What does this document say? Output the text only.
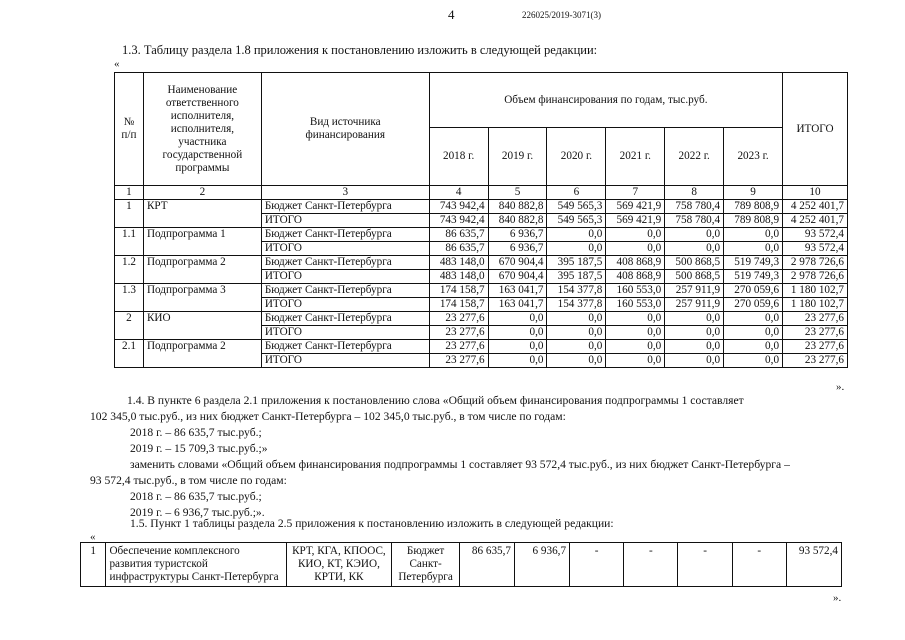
4	226025/2019-3071(3)
1.3. Таблицу раздела 1.8 приложения к постановлению изложить в следующей редакции:
«
№ п/п	Наименование ответственного исполнителя, исполнителя, участника государственной программы	Вид источника финансирования	Объем финансирования по годам, тыс.руб.						ИТОГО
			2018 г.	2019 г.	2020 г.	2021 г.	2022 г.	2023 г.	
1	2	3	4	5	6	7	8	9	10
1	КРТ	Бюджет Санкт-Петербурга	743 942,4	840 882,8	549 565,3	569 421,9	758 780,4	789 808,9	4 252 401,7
		ИТОГО	743 942,4	840 882,8	549 565,3	569 421,9	758 780,4	789 808,9	4 252 401,7
1.1	Подпрограмма 1	Бюджет Санкт-Петербурга	86 635,7	6 936,7	0,0	0,0	0,0	0,0	93 572,4
		ИТОГО	86 635,7	6 936,7	0,0	0,0	0,0	0,0	93 572,4
1.2	Подпрограмма 2	Бюджет Санкт-Петербурга	483 148,0	670 904,4	395 187,5	408 868,9	500 868,5	519 749,3	2 978 726,6
		ИТОГО	483 148,0	670 904,4	395 187,5	408 868,9	500 868,5	519 749,3	2 978 726,6
1.3	Подпрограмма 3	Бюджет Санкт-Петербурга	174 158,7	163 041,7	154 377,8	160 553,0	257 911,9	270 059,6	1 180 102,7
		ИТОГО	174 158,7	163 041,7	154 377,8	160 553,0	257 911,9	270 059,6	1 180 102,7
2	КИО	Бюджет Санкт-Петербурга	23 277,6	0,0	0,0	0,0	0,0	0,0	23 277,6
		ИТОГО	23 277,6	0,0	0,0	0,0	0,0	0,0	23 277,6
2.1	Подпрограмма 2	Бюджет Санкт-Петербурга	23 277,6	0,0	0,0	0,0	0,0	0,0	23 277,6
		ИТОГО	23 277,6	0,0	0,0	0,0	0,0	0,0	23 277,6
».
1.4. В пункте 6 раздела 2.1 приложения к постановлению слова «Общий объем финансирования подпрограммы 1 составляет
102 345,0 тыс.руб., из них бюджет Санкт-Петербурга – 102 345,0 тыс.руб., в том числе по годам:
2018 г. – 86 635,7 тыс.руб.;
2019 г. – 15 709,3 тыс.руб.;»
заменить словами «Общий объем финансирования подпрограммы 1 составляет 93 572,4 тыс.руб., из них бюджет Санкт-Петербурга –
93 572,4 тыс.руб., в том числе по годам:
2018 г. – 86 635,7 тыс.руб.;
2019 г. – 6 936,7 тыс.руб.;».
1.5. Пункт 1 таблицы раздела 2.5 приложения к постановлению изложить в следующей редакции:
«
1	Обеспечение комплексного развития туристской инфраструктуры Санкт-Петербурга	КРТ, КГА, КПООС, КИО, КТ, КЭИО, КРТИ, КК	Бюджет Санкт-Петербурга	86 635,7	6 936,7	-	-	-	-	93 572,4
».
